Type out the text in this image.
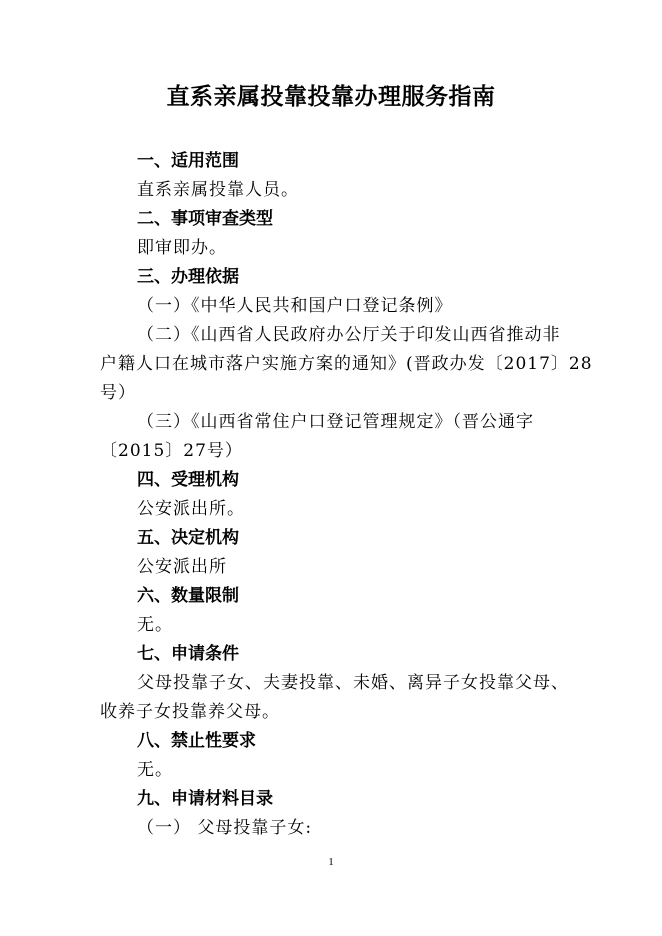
直系亲属投靠投靠办理服务指南
一、适用范围
直系亲属投靠人员。
二、事项审查类型
即审即办。
三、办理依据
（一）《中华人民共和国户口登记条例》
（二）《山西省人民政府办公厅关于印发山西省推动非
户籍人口在城市落户实施方案的通知》(晋政办发〔2017〕28
号）
（三）《山西省常住户口登记管理规定》（晋公通字
〔2015〕27号）
四、受理机构
公安派出所。
五、决定机构
公安派出所
六、数量限制
无。
七、申请条件
父母投靠子女、夫妻投靠、未婚、离异子女投靠父母、
收养子女投靠养父母。
八、禁止性要求
无。
九、申请材料目录
（一） 父母投靠子女:
1
